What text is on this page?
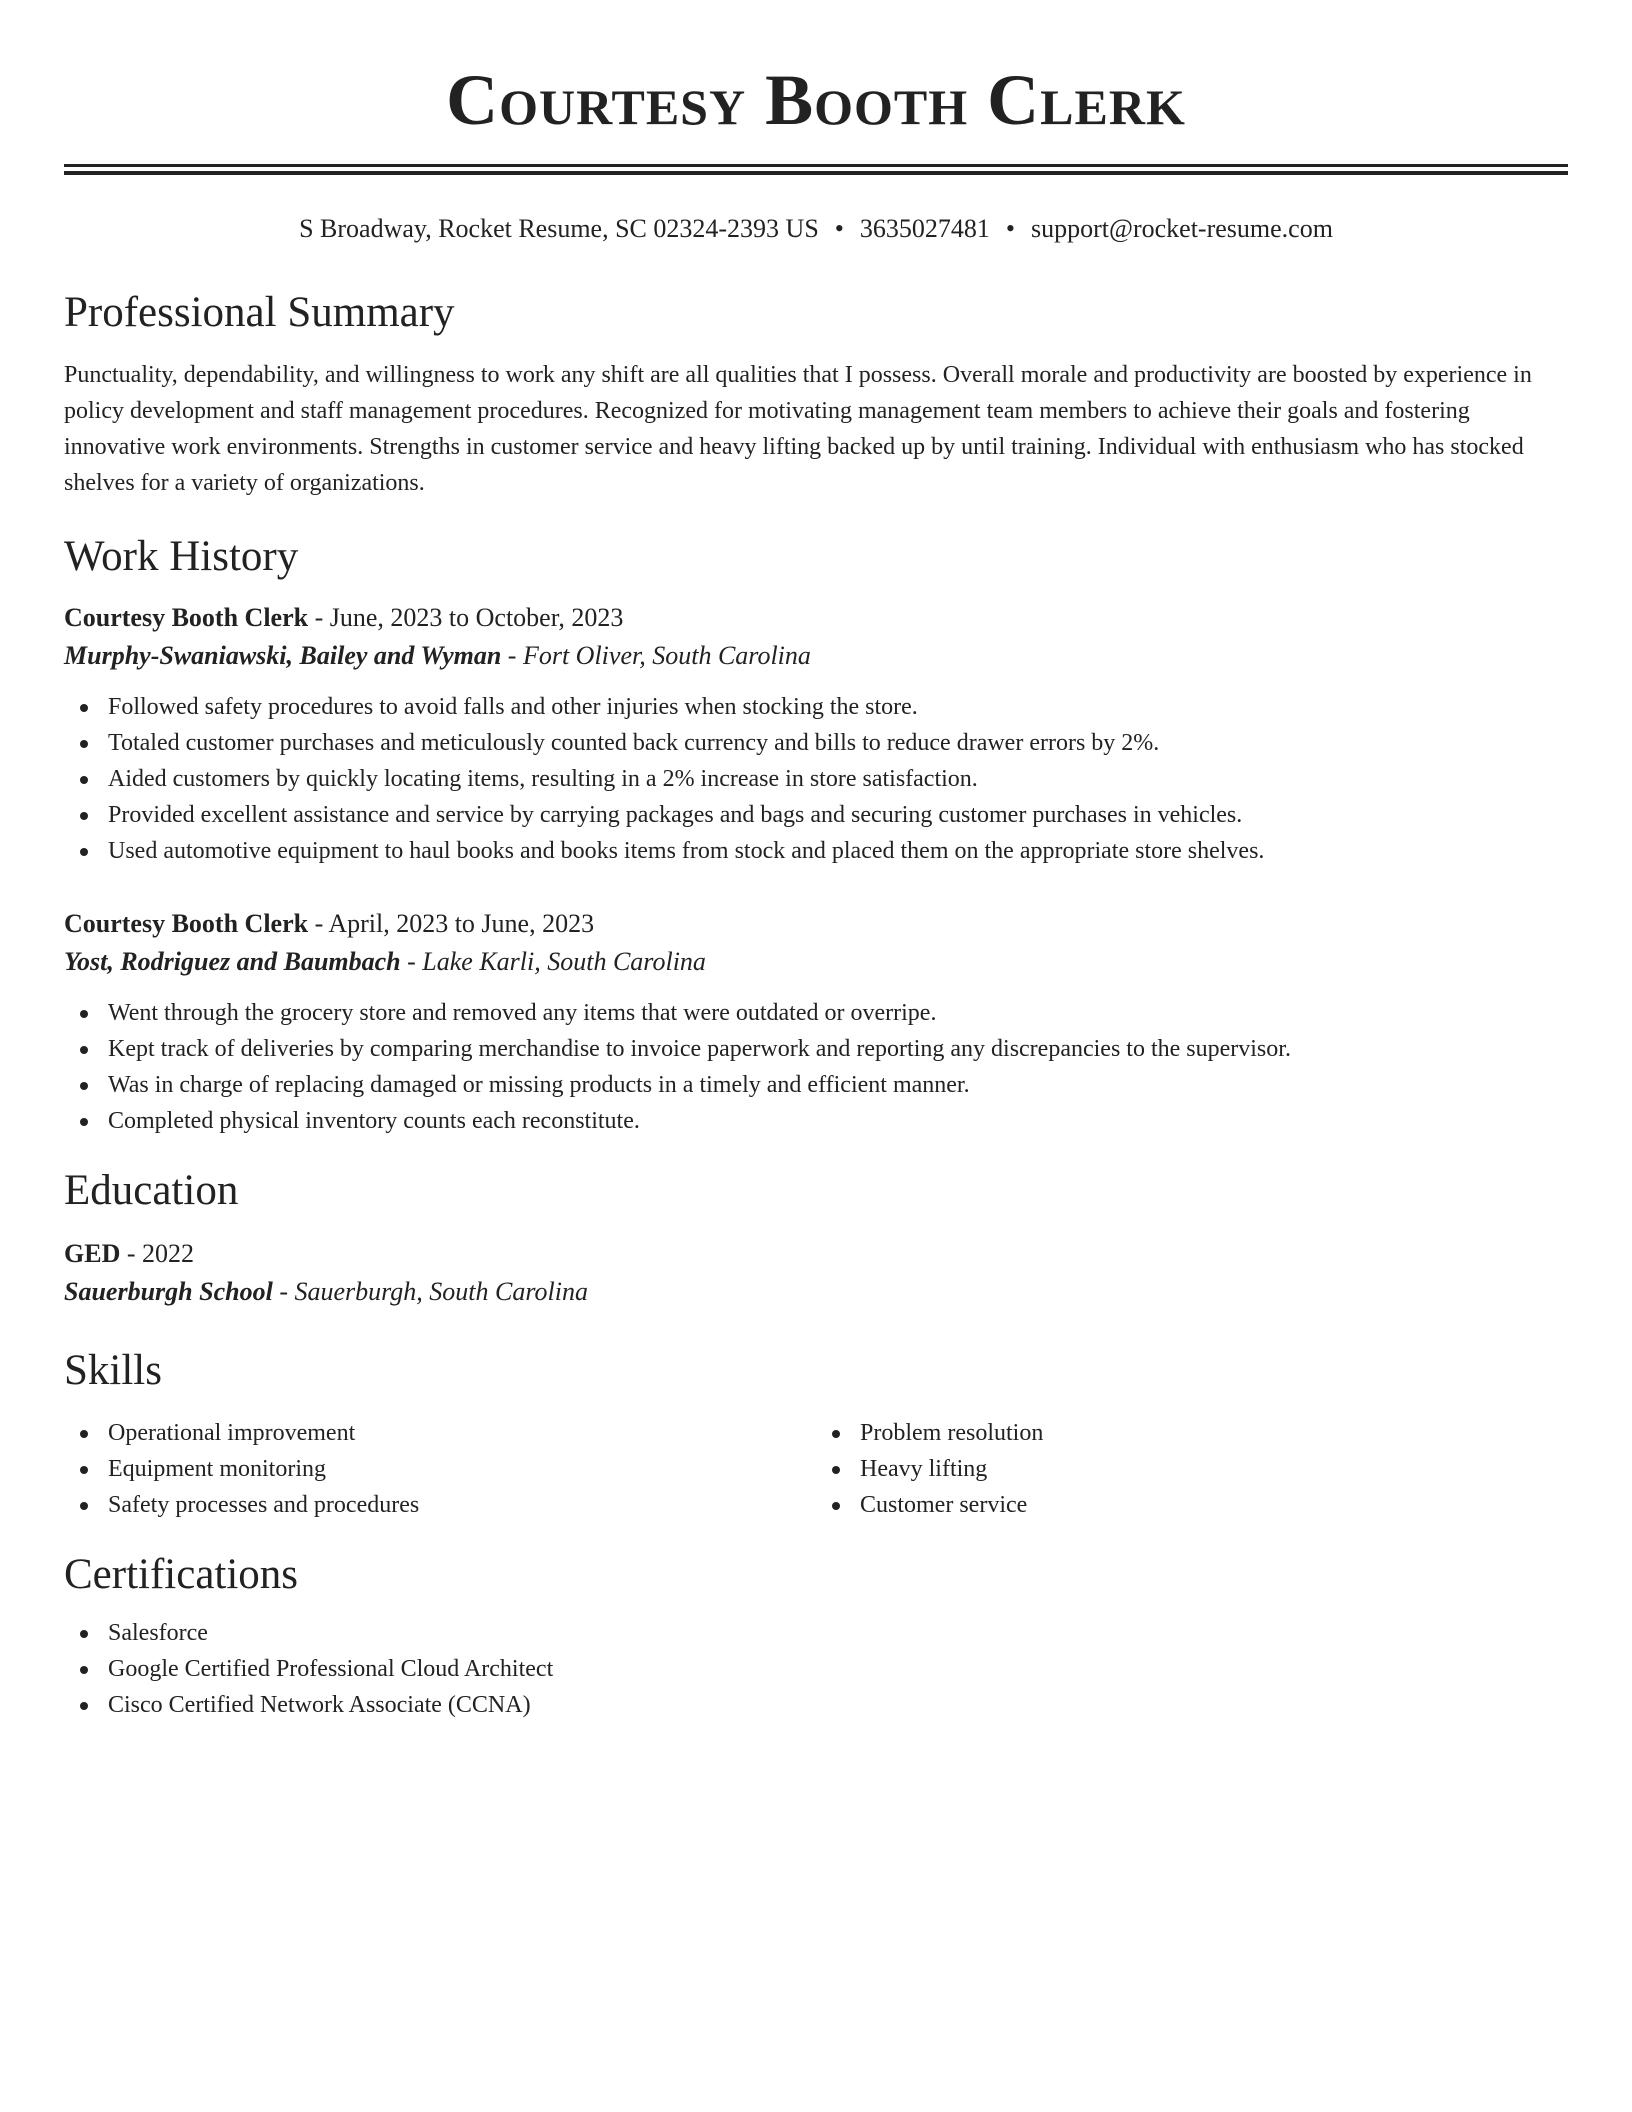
Courtesy Booth Clerk
S Broadway, Rocket Resume, SC 02324-2393 US • 3635027481 • support@rocket-resume.com
Professional Summary

Punctuality, dependability, and willingness to work any shift are all qualities that I possess. Overall morale and productivity are boosted by experience in policy development and staff management procedures. Recognized for motivating management team members to achieve their goals and fostering innovative work environments. Strengths in customer service and heavy lifting backed up by until training. Individual with enthusiasm who has stocked shelves for a variety of organizations.

Work History
Courtesy Booth Clerk - June, 2023 to October, 2023
Murphy-Swaniawski, Bailey and Wyman - Fort Oliver, South Carolina
Followed safety procedures to avoid falls and other injuries when stocking the store.
Totaled customer purchases and meticulously counted back currency and bills to reduce drawer errors by 2%.
Aided customers by quickly locating items, resulting in a 2% increase in store satisfaction.
Provided excellent assistance and service by carrying packages and bags and securing customer purchases in vehicles.
Used automotive equipment to haul books and books items from stock and placed them on the appropriate store shelves.
Courtesy Booth Clerk - April, 2023 to June, 2023
Yost, Rodriguez and Baumbach - Lake Karli, South Carolina
Went through the grocery store and removed any items that were outdated or overripe.
Kept track of deliveries by comparing merchandise to invoice paperwork and reporting any discrepancies to the supervisor.
Was in charge of replacing damaged or missing products in a timely and efficient manner.
Completed physical inventory counts each reconstitute.
Education
GED - 2022
Sauerburgh School - Sauerburgh, South Carolina
Skills
Operational improvement
Equipment monitoring
Safety processes and procedures
Problem resolution
Heavy lifting
Customer service
Certifications
Salesforce
Google Certified Professional Cloud Architect
Cisco Certified Network Associate (CCNA)
